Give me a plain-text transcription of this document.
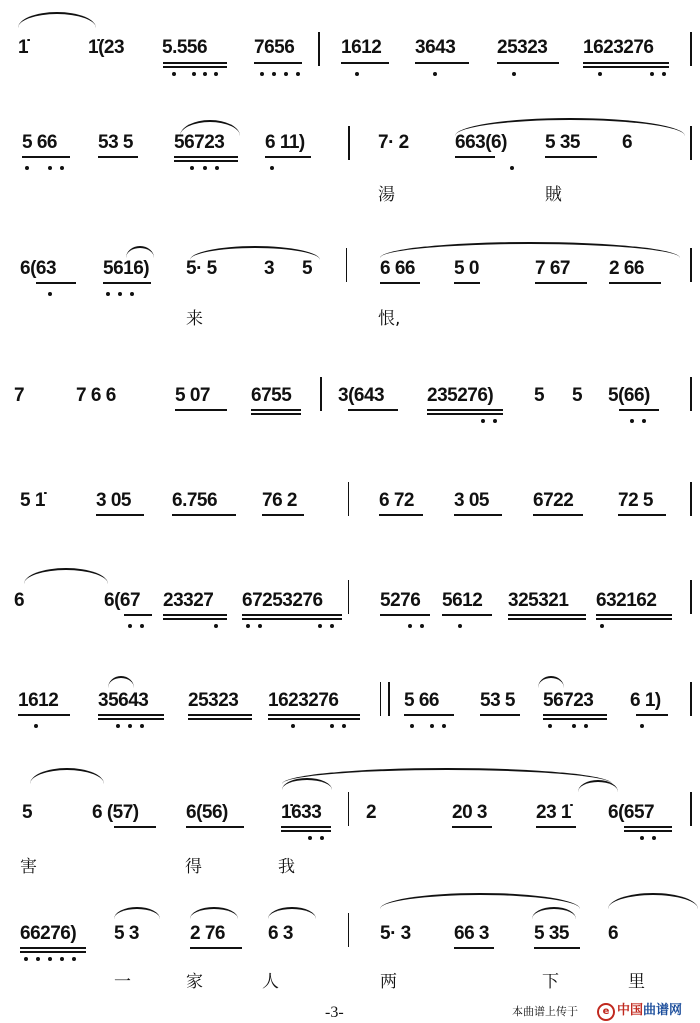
1̇	1̇(23 5.556 7656 1612 3643 25323 1623276
5 66 53 5 56723 6 11)	7· 2 663(6) 5 35 6
湯	賊
6(63 5616) 5· 5 3 5	6 66 5 0	7 67 2 66
来	恨,
7	7 6 6	5 07 6755 3(643 235276) 5 5 5(66)
5 1̇	3 05 6.756 76 2	6 72 3 05 6722 72 5
6	6(67 23327 67253276	5276 5612 325321 632162
1612 35643 25323 1623276	5 66 53 5 56723 6 1)
5	6 (57) 6(56)	1̇633 2	20 3	23 1̇ 6(657
害	得	我
66276) 5 3	2 76 6 3	5· 3 66 3 5 35 6
一	家	人	两	下	里
-3-	本曲谱上传于	e 中国曲谱网
